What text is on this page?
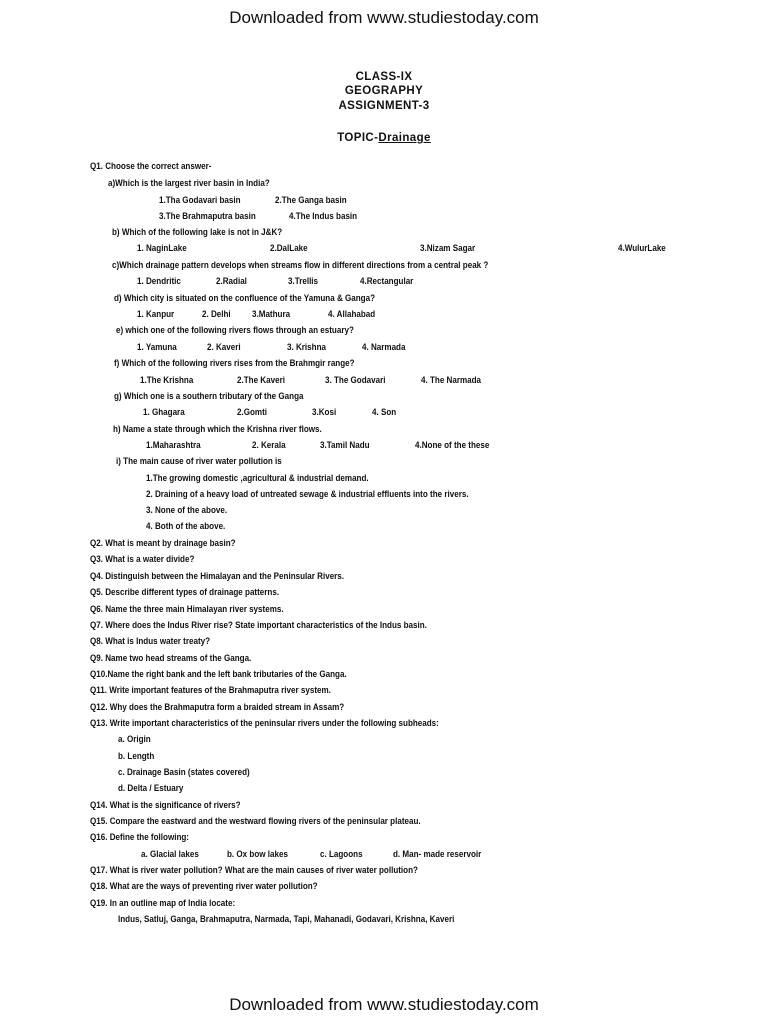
Downloaded from www.studiestoday.com
CLASS-IX
GEOGRAPHY
ASSIGNMENT-3
TOPIC-Drainage
Q1. Choose the correct answer-
a)Which is the largest river basin in India?
1.Tha Godavari basin	2.The Ganga basin
3.The Brahmaputra basin	4.The Indus basin
b) Which of the following lake is not in J&K?
1. NaginLake	2.DalLake	3.Nizam Sagar	4.WulurLake
c)Which drainage pattern develops when streams flow in different directions from a central peak ?
1. Dendritic	2.Radial	3.Trellis	4.Rectangular
d) Which city is situated on the confluence of the Yamuna & Ganga?
1. Kanpur	2. Delhi 3.Mathura	4. Allahabad
e) which one of the following rivers flows through an estuary?
1. Yamuna	2. Kaveri	3. Krishna	4. Narmada
f) Which of the following rivers rises from the Brahmgir range?
1.The Krishna	2.The Kaveri	3. The Godavari	4. The Narmada
g) Which one is a southern tributary of the Ganga
1. Ghagara	2.Gomti	3.Kosi	4. Son
h) Name a state through which the Krishna river flows.
1.Maharashtra	2. Kerala	3.Tamil Nadu	4.None of the these
i) The main cause of river water pollution is
1.The growing domestic ,agricultural & industrial demand.
2. Draining of a heavy load of untreated sewage & industrial effluents into the rivers.
3. None of the above.
4. Both of the above.
Q2. What is meant by drainage basin?
Q3. What is a water divide?
Q4. Distinguish between the Himalayan and the Peninsular Rivers.
Q5. Describe different types of drainage patterns.
Q6. Name the three main Himalayan river systems.
Q7. Where does the Indus River rise? State important characteristics of the Indus basin.
Q8. What is Indus water treaty?
Q9. Name two head streams of the Ganga.
Q10.Name the right bank and the left bank tributaries of the Ganga.
Q11. Write important features of the Brahmaputra river system.
Q12. Why does the Brahmaputra form a braided stream in Assam?
Q13. Write important characteristics of the peninsular rivers under the following subheads:
a. Origin
b. Length
c. Drainage Basin (states covered)
d. Delta / Estuary
Q14. What is the significance of rivers?
Q15. Compare the eastward and the westward flowing rivers of the peninsular plateau.
Q16. Define the following:
a. Glacial lakes	b. Ox bow lakes	c. Lagoons	d. Man- made reservoir
Q17. What is river water pollution? What are the main causes of river water pollution?
Q18. What are the ways of preventing river water pollution?
Q19. In an outline map of India locate:
Indus, Satluj, Ganga, Brahmaputra, Narmada, Tapi, Mahanadi, Godavari, Krishna, Kaveri
Downloaded from www.studiestoday.com
